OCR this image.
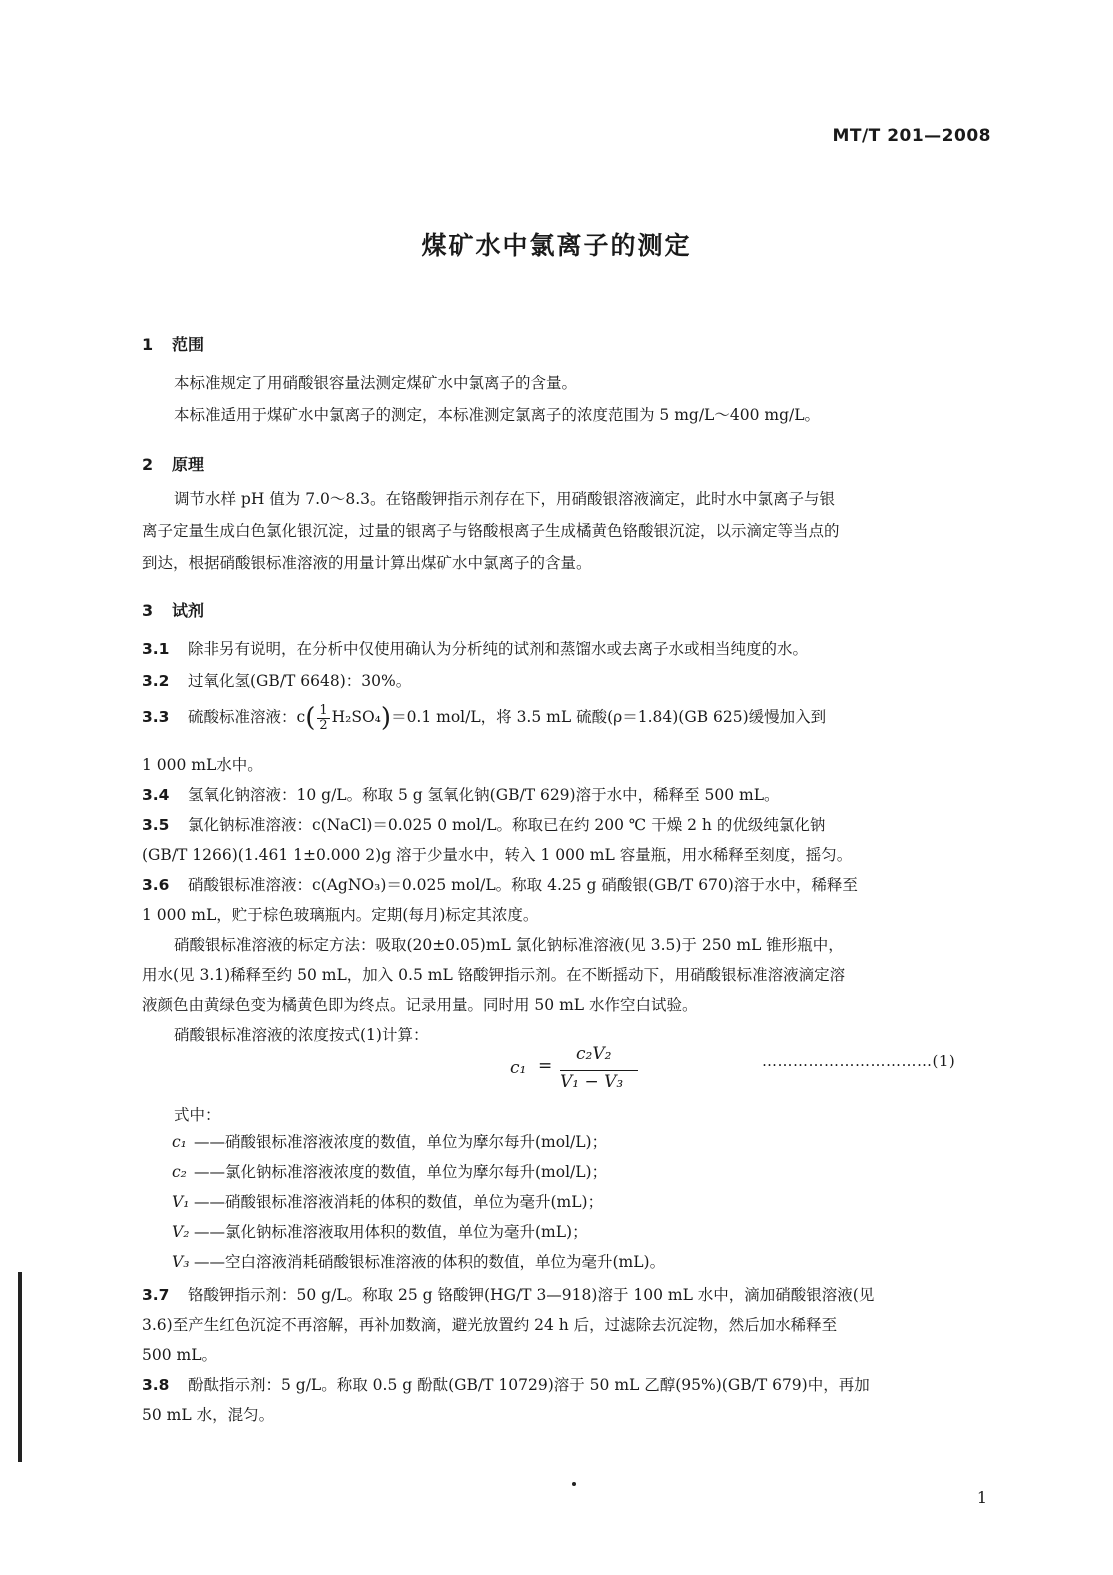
MT/T 201—2008
煤矿水中氯离子的测定
1 范围
本标准规定了用硝酸银容量法测定煤矿水中氯离子的含量。
本标准适用于煤矿水中氯离子的测定，本标准测定氯离子的浓度范围为 5 mg/L～400 mg/L。
2 原理
调节水样 pH 值为 7.0～8.3。在铬酸钾指示剂存在下，用硝酸银溶液滴定，此时水中氯离子与银
离子定量生成白色氯化银沉淀，过量的银离子与铬酸根离子生成橘黄色铬酸银沉淀，以示滴定等当点的
到达，根据硝酸银标准溶液的用量计算出煤矿水中氯离子的含量。
3 试剂
3.1 除非另有说明，在分析中仅使用确认为分析纯的试剂和蒸馏水或去离子水或相当纯度的水。
3.2 过氧化氢(GB/T 6648)：30%。
3.3 硫酸标准溶液：$c( \frac{1}{2} H_2SO_4)=0.1$ mol/L，将 3.5 mL 硫酸(ρ＝1.84)(GB 625)缓慢加入到
1 000 mL水中。
3.4 氢氧化钠溶液：10 g/L。称取 5 g 氢氧化钠(GB/T 629)溶于水中，稀释至 500 mL。
3.5 氯化钠标准溶液：c(NaCl)＝0.025 0 mol/L。称取已在约 200 ℃ 干燥 2 h 的优级纯氯化钠
(GB/T 1266)(1.461 1±0.000 2)g 溶于少量水中，转入 1 000 mL 容量瓶，用水稀释至刻度，摇匀。
3.6 硝酸银标准溶液：c(AgNO₃)＝0.025 mol/L。称取 4.25 g 硝酸银(GB/T 670)溶于水中，稀释至
1 000 mL，贮于棕色玻璃瓶内。定期(每月)标定其浓度。
硝酸银标准溶液的标定方法：吸取(20±0.05)mL 氯化钠标准溶液(见 3.5)于 250 mL 锥形瓶中，
用水(见 3.1)稀释至约 50 mL，加入 0.5 mL 铬酸钾指示剂。在不断摇动下，用硝酸银标准溶液滴定溶
液颜色由黄绿色变为橘黄色即为终点。记录用量。同时用 50 mL 水作空白试验。
硝酸银标准溶液的浓度按式(1)计算：
c₁ =
c₂V₂
V₁ − V₃
……………………………(1)
式中：
c₁ ——硝酸银标准溶液浓度的数值，单位为摩尔每升(mol/L)；
c₂ ——氯化钠标准溶液浓度的数值，单位为摩尔每升(mol/L)；
V₁ ——硝酸银标准溶液消耗的体积的数值，单位为毫升(mL)；
V₂ ——氯化钠标准溶液取用体积的数值，单位为毫升(mL)；
V₃ ——空白溶液消耗硝酸银标准溶液的体积的数值，单位为毫升(mL)。
3.7 铬酸钾指示剂：50 g/L。称取 25 g 铬酸钾(HG/T 3—918)溶于 100 mL 水中，滴加硝酸银溶液(见
3.6)至产生红色沉淀不再溶解，再补加数滴，避光放置约 24 h 后，过滤除去沉淀物，然后加水稀释至
500 mL。
3.8 酚酞指示剂：5 g/L。称取 0.5 g 酚酞(GB/T 10729)溶于 50 mL 乙醇(95%)(GB/T 679)中，再加
50 mL 水，混匀。
1
